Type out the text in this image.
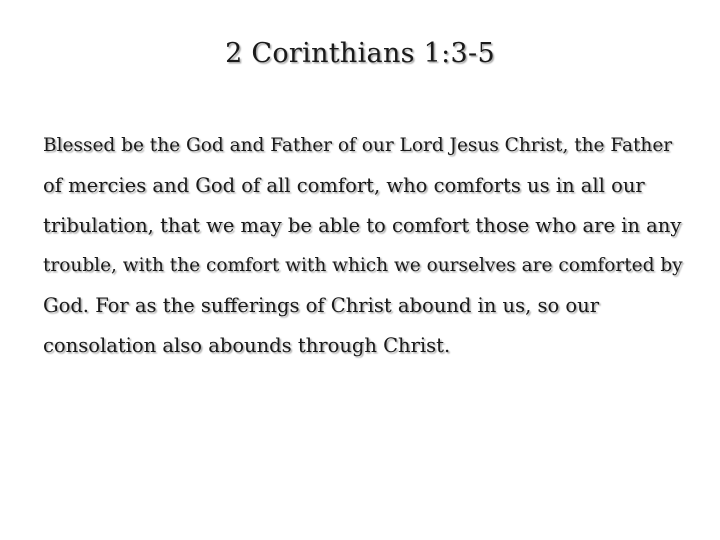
2 Corinthians 1:3-5
Blessed be the God and Father of our Lord Jesus Christ, the Father
of mercies and God of all comfort, who comforts us in all our
tribulation, that we may be able to comfort those who are in any
trouble, with the comfort with which we ourselves are comforted by
God. For as the sufferings of Christ abound in us, so our
consolation also abounds through Christ.
